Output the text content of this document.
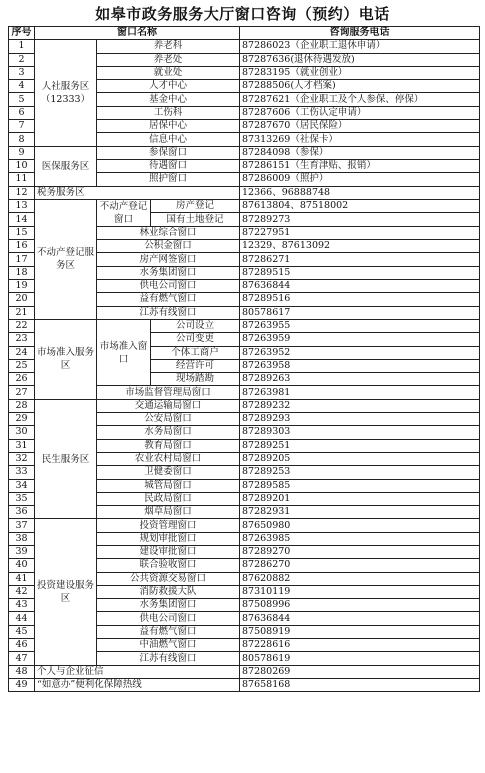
如皋市政务服务大厅窗口咨询（预约）电话
序号	窗口名称			咨询服务电话
1	人社服务区（12333）	养老科		87286023（企业职工退休申请）
2		养老处		87287636(退休待遇发放)
3		就业处		87283195（就业创业）
4		人才中心		87288506(人才档案)
5		基金中心		87287621（企业职工及个人参保、停保）
6		工伤科		87287606（工伤认定申请）
7		居保中心		87287670（居民保险）
8		信息中心		87313269（社保卡）
9	医保服务区	参保窗口		87284098（参保）
10		待遇窗口		87286151（生育津贴、报销）
11		照护窗口		87286009（照护）
12	税务服务区			12366、96888748
13	不动产登记服务区	不动产登记窗口	房产登记	87613804、87518002
14			国有土地登记	87289273
15		林业综合窗口		87227951
16		公积金窗口		12329、87613092
17		房产网签窗口		87286271
18		水务集团窗口		87289515
19		供电公司窗口		87636844
20		益有燃气窗口		87289516
21		江苏有线窗口		80578617
22	市场准入服务区	市场准入窗口	公司设立	87263955
23			公司变更	87263959
24			个体工商户	87263952
25			经营许可	87263958
26			现场踏勘	87289263
27		市场监督管理局窗口		87263981
28	民生服务区	交通运输局窗口		87289232
29		公安局窗口		87289293
30		水务局窗口		87289303
31		教育局窗口		87289251
32		农业农村局窗口		87289205
33		卫健委窗口		87289253
34		城管局窗口		87289585
35		民政局窗口		87289201
36		烟草局窗口		87282931
37	投资建设服务区	投资管理窗口		87650980
38		规划审批窗口		87263985
39		建设审批窗口		87289270
40		联合验收窗口		87286270
41		公共资源交易窗口		87620882
42		消防救援大队		87310119
43		水务集团窗口		87508996
44		供电公司窗口		87636844
45		益有燃气窗口		87508919
46		中油燃气窗口		87228616
47		江苏有线窗口		80578619
48	个人与企业征信			87280269
49	“如意办”便利化保障热线			87658168
